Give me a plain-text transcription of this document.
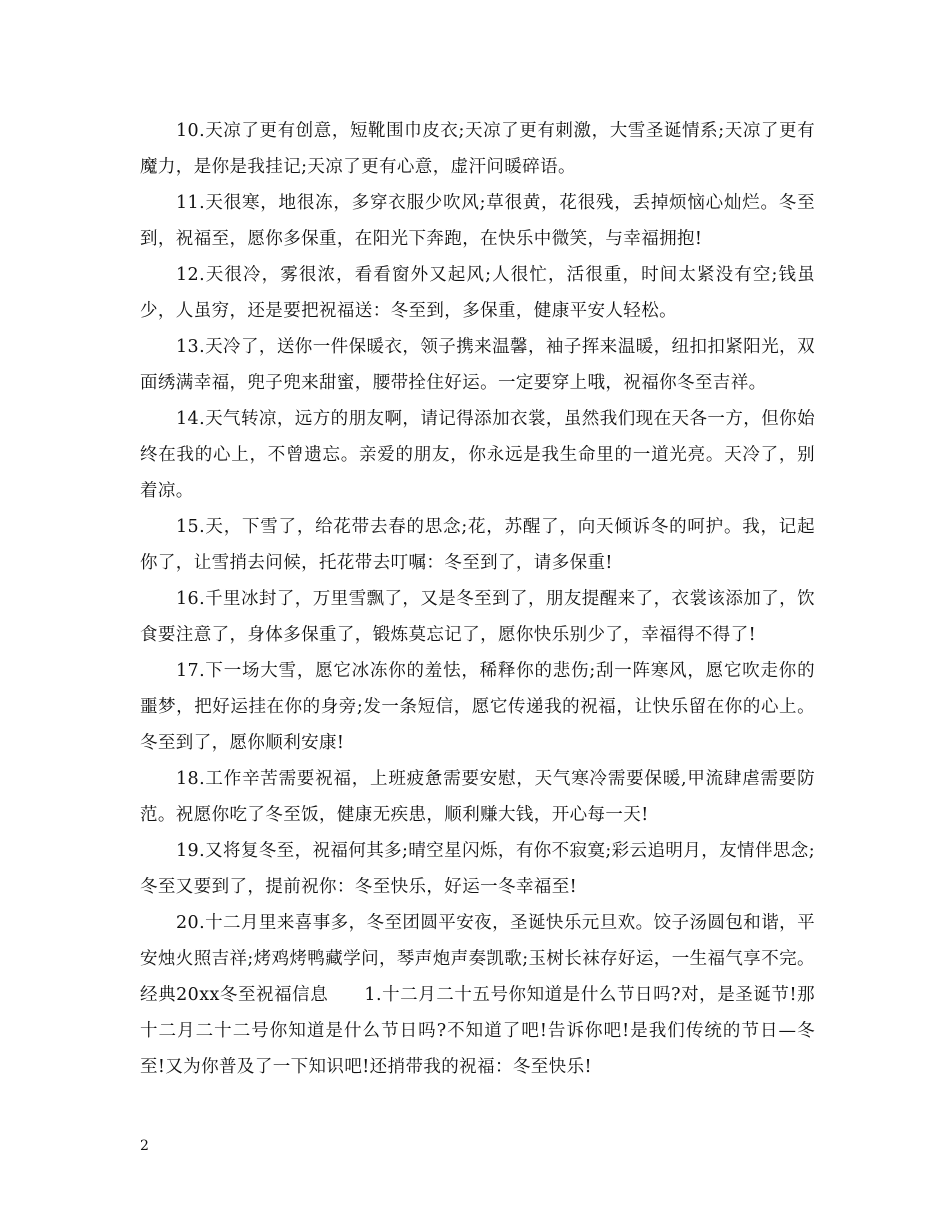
10.天凉了更有创意，短靴围巾皮衣;天凉了更有刺激，大雪圣诞情系;天凉了更有魔力，是你是我挂记;天凉了更有心意，虚汗问暖碎语。

11.天很寒，地很冻，多穿衣服少吹风;草很黄，花很残，丢掉烦恼心灿烂。冬至到，祝福至，愿你多保重，在阳光下奔跑，在快乐中微笑，与幸福拥抱!

12.天很冷，雾很浓，看看窗外又起风;人很忙，活很重，时间太紧没有空;钱虽少，人虽穷，还是要把祝福送：冬至到，多保重，健康平安人轻松。

13.天冷了，送你一件保暖衣，领子携来温馨，袖子挥来温暖，纽扣扣紧阳光，双面绣满幸福，兜子兜来甜蜜，腰带拴住好运。一定要穿上哦，祝福你冬至吉祥。

14.天气转凉，远方的朋友啊，请记得添加衣裳，虽然我们现在天各一方，但你始终在我的心上，不曾遗忘。亲爱的朋友，你永远是我生命里的一道光亮。天冷了，别着凉。

15.天，下雪了，给花带去春的思念;花，苏醒了，向天倾诉冬的呵护。我，记起你了，让雪捎去问候，托花带去叮嘱：冬至到了，请多保重!

16.千里冰封了，万里雪飘了，又是冬至到了，朋友提醒来了，衣裳该添加了，饮食要注意了，身体多保重了，锻炼莫忘记了，愿你快乐别少了，幸福得不得了!

17.下一场大雪，愿它冰冻你的羞怯，稀释你的悲伤;刮一阵寒风，愿它吹走你的噩梦，把好运挂在你的身旁;发一条短信，愿它传递我的祝福，让快乐留在你的心上。冬至到了，愿你顺利安康!

18.工作辛苦需要祝福，上班疲惫需要安慰，天气寒冷需要保暖,甲流肆虐需要防范。祝愿你吃了冬至饭，健康无疾患，顺利赚大钱，开心每一天!

19.又将复冬至，祝福何其多;晴空星闪烁，有你不寂寞;彩云追明月，友情伴思念;冬至又要到了，提前祝你：冬至快乐，好运一冬幸福至!

20.十二月里来喜事多，冬至团圆平安夜，圣诞快乐元旦欢。饺子汤圆包和谐，平安烛火照吉祥;烤鸡烤鸭藏学问，琴声炮声奏凯歌;玉树长袜存好运，一生福气享不完。

经典20xx冬至祝福信息　　1.十二月二十五号你知道是什么节日吗?对，是圣诞节!那十二月二十二号你知道是什么节日吗?不知道了吧!告诉你吧!是我们传统的节日—冬至!又为你普及了一下知识吧!还捎带我的祝福：冬至快乐!

2
